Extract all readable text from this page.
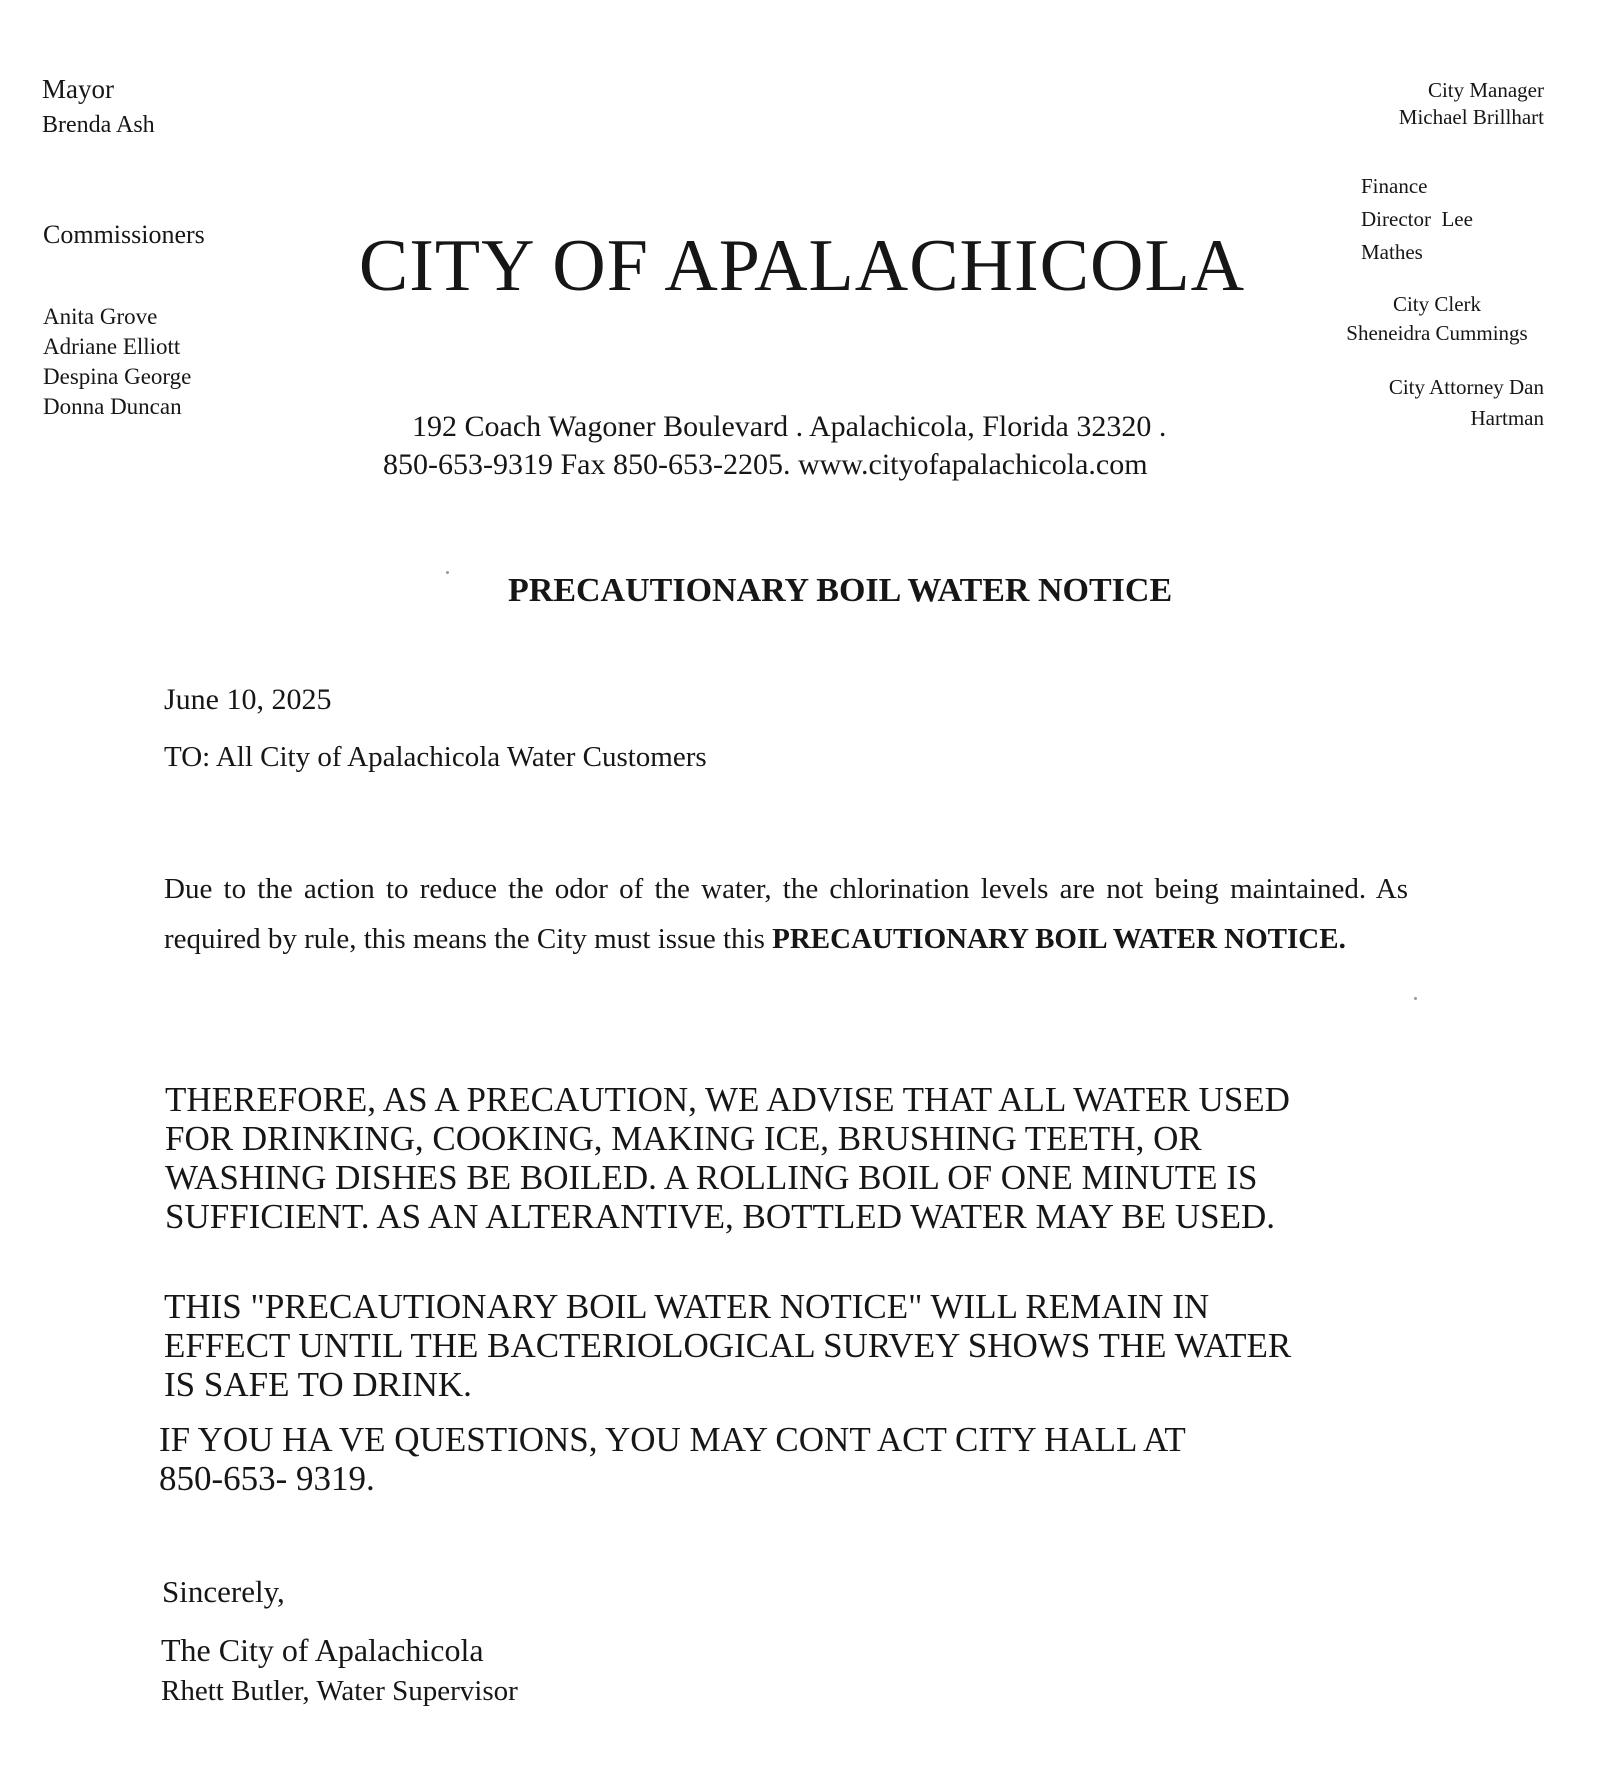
Mayor
Brenda Ash
Commissioners
Anita Grove
Adriane Elliott
Despina George
Donna Duncan
City Manager
Michael Brillhart
Finance
Director  Lee
Mathes
City Clerk
Sheneidra Cummings
City Attorney Dan
Hartman
CITY OF APALACHICOLA
192 Coach Wagoner Boulevard . Apalachicola, Florida 32320 .
850-653-9319 Fax 850-653-2205. www.cityofapalachicola.com
PRECAUTIONARY BOIL WATER NOTICE
June 10, 2025
TO: All City of Apalachicola Water Customers
Due to the action to reduce the odor of the water, the chlorination levels are not being maintained. As required by rule, this means the City must issue this PRECAUTIONARY BOIL WATER NOTICE.
THEREFORE, AS A PRECAUTION, WE ADVISE THAT ALL WATER USED
FOR DRINKING, COOKING, MAKING ICE, BRUSHING TEETH, OR
WASHING DISHES BE BOILED. A ROLLING BOIL OF ONE MINUTE IS
SUFFICIENT. AS AN ALTERANTIVE, BOTTLED WATER MAY BE USED.
THIS "PRECAUTIONARY BOIL WATER NOTICE" WILL REMAIN IN
EFFECT UNTIL THE BACTERIOLOGICAL SURVEY SHOWS THE WATER
IS SAFE TO DRINK.
IF YOU HA VE QUESTIONS, YOU MAY CONT ACT CITY HALL AT
850-653- 9319.
Sincerely,
The City of Apalachicola
Rhett Butler, Water Supervisor
